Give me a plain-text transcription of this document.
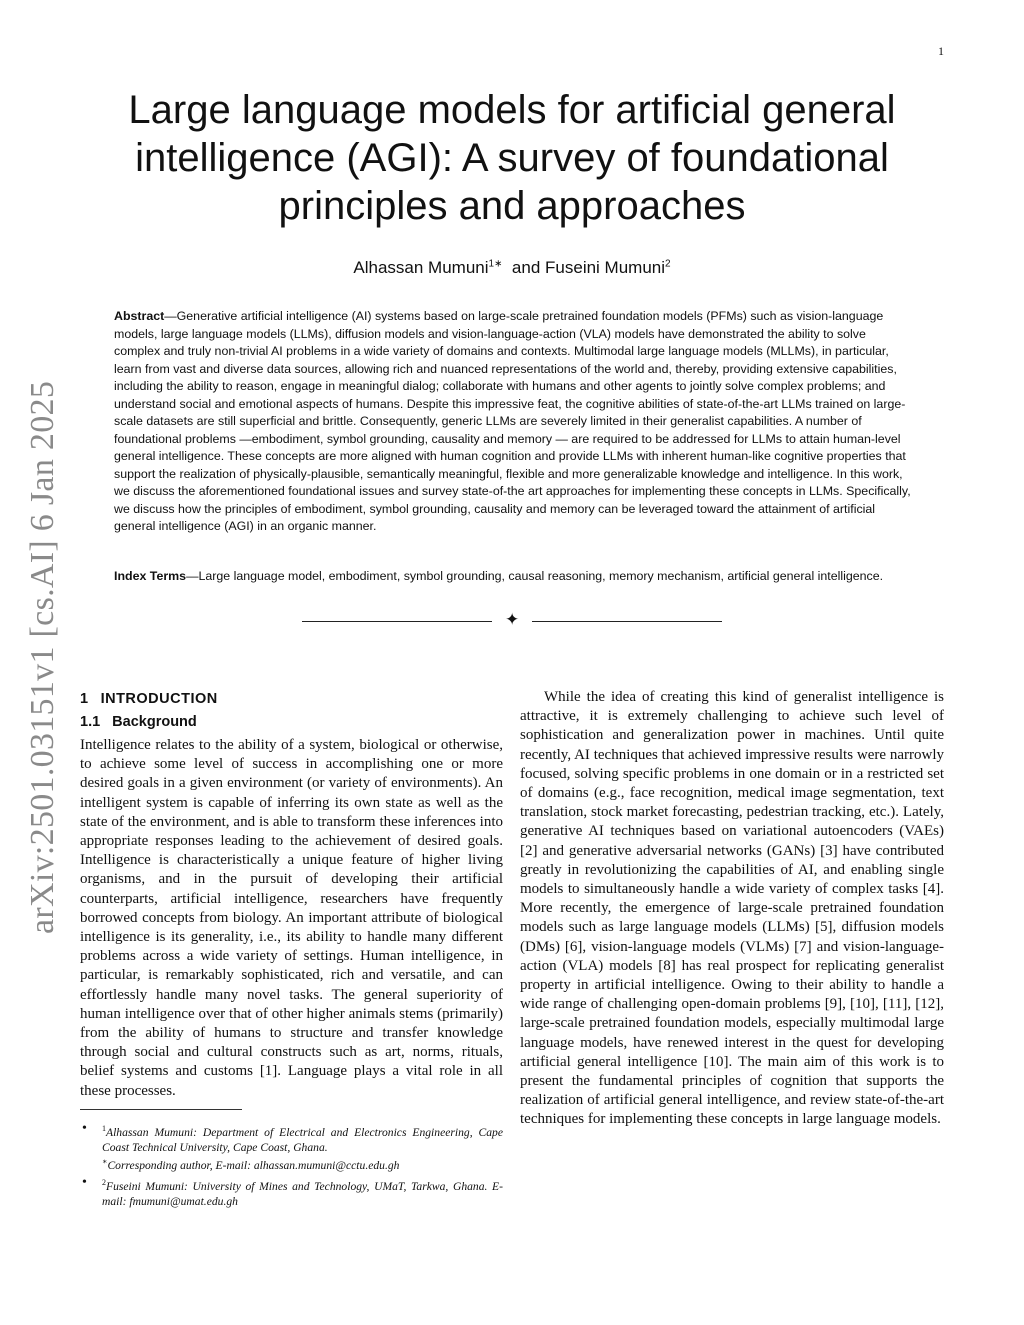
1
arXiv:2501.03151v1 [cs.AI] 6 Jan 2025
Large language models for artificial general
intelligence (AGI): A survey of foundational
principles and approaches
Alhassan Mumuni$^{1∗}$ and Fuseini Mumuni$^2$

Abstract—Generative artificial intelligence (AI) systems based on large-scale pretrained foundation models (PFMs) such as vision-language models, large language models (LLMs), diffusion models and vision-language-action (VLA) models have demonstrated the ability to solve complex and truly non-trivial AI problems in a wide variety of domains and contexts. Multimodal large language models (MLLMs), in particular, learn from vast and diverse data sources, allowing rich and nuanced representations of the world and, thereby, providing extensive capabilities, including the ability to reason, engage in meaningful dialog; collaborate with humans and other agents to jointly solve complex problems; and understand social and emotional aspects of humans. Despite this impressive feat, the cognitive abilities of state-of-the-art LLMs trained on large-scale datasets are still superficial and brittle. Consequently, generic LLMs are severely limited in their generalist capabilities. A number of foundational problems —embodiment, symbol grounding, causality and memory — are required to be addressed for LLMs to attain human-level general intelligence. These concepts are more aligned with human cognition and provide LLMs with inherent human-like cognitive properties that support the realization of physically-plausible, semantically meaningful, flexible and more generalizable knowledge and intelligence. In this work, we discuss the aforementioned foundational issues and survey state-of-the art approaches for implementing these concepts in LLMs. Specifically, we discuss how the principles of embodiment, symbol grounding, causality and memory can be leveraged toward the attainment of artificial general intelligence (AGI) in an organic manner.

Index Terms—Large language model, embodiment, symbol grounding, causal reasoning, memory mechanism, artificial general intelligence.

✦
1 INTRODUCTION
1.1 Background

Intelligence relates to the ability of a system, biological or otherwise, to achieve some level of success in accomplishing one or more desired goals in a given environment (or variety of environments). An intelligent system is capable of inferring its own state as well as the state of the environment, and is able to transform these inferences into appropriate responses leading to the achievement of desired goals. Intelligence is characteristically a unique feature of higher living organisms, and in the pursuit of developing their artificial counterparts, artificial intelligence, researchers have frequently borrowed concepts from biology. An important attribute of biological intelligence is its generality, i.e., its ability to handle many different problems across a wide variety of settings. Human intelligence, in particular, is remarkably sophisticated, rich and versatile, and can effortlessly handle many novel tasks. The general superiority of human intelligence over that of other higher animals stems (primarily) from the ability of humans to structure and transfer knowledge through social and cultural constructs such as art, norms, rituals, belief systems and customs [1]. Language plays a vital role in all these processes.

• $^1$Alhassan Mumuni: Department of Electrical and Electronics Engineering, Cape Coast Technical University, Cape Coast, Ghana.
∗Corresponding author, E-mail: alhassan.mumuni@cctu.edu.gh
• $^2$Fuseini Mumuni: University of Mines and Technology, UMaT, Tarkwa, Ghana. E-mail: fmumuni@umat.edu.gh

While the idea of creating this kind of generalist intelligence is attractive, it is extremely challenging to achieve such level of sophistication and generalization power in machines. Until quite recently, AI techniques that achieved impressive results were narrowly focused, solving specific problems in one domain or in a restricted set of domains (e.g., face recognition, medical image segmentation, text translation, stock market forecasting, pedestrian tracking, etc.). Lately, generative AI techniques based on variational autoencoders (VAEs) [2] and generative adversarial networks (GANs) [3] have contributed greatly in revolutionizing the capabilities of AI, and enabling single models to simultaneously handle a wide variety of complex tasks [4]. More recently, the emergence of large-scale pretrained foundation models such as large language models (LLMs) [5], diffusion models (DMs) [6], vision-language models (VLMs) [7] and vision-language-action (VLA) models [8] has real prospect for replicating generalist property in artificial intelligence. Owing to their ability to handle a wide range of challenging open-domain problems [9], [10], [11], [12], large-scale pretrained foundation models, especially multimodal large language models, have renewed interest in the quest for developing artificial general intelligence [10]. The main aim of this work is to present the fundamental principles of cognition that supports the realization of artificial general intelligence, and review state-of-the-art techniques for implementing these concepts in large language models.
